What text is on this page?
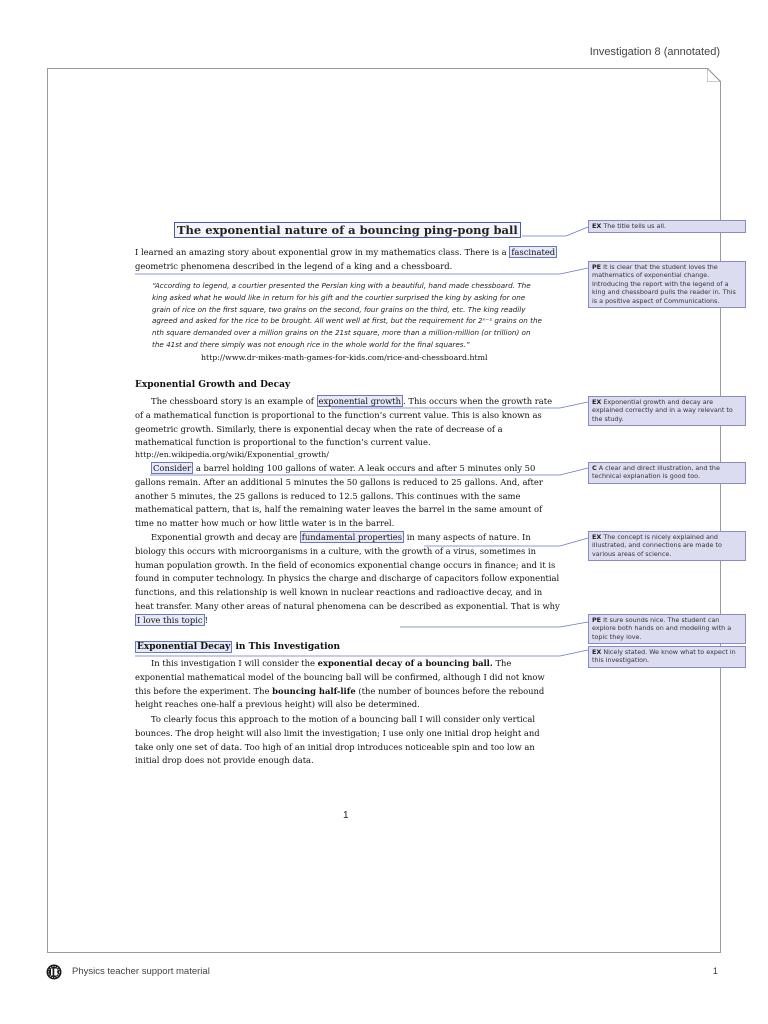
Investigation 8 (annotated)
The exponential nature of a bouncing ping-pong ball

I learned an amazing story about exponential grow in my mathematics class. There is a fascinated geometric phenomena described in the legend of a king and a chessboard.

“According to legend, a courtier presented the Persian king with a beautiful, hand made chessboard. The king asked what he would like in return for his gift and the courtier surprised the king by asking for one grain of rice on the first square, two grains on the second, four grains on the third, etc. The king readily agreed and asked for the rice to be brought. All went well at first, but the requirement for 2ⁿ⁻¹ grains on the nth square demanded over a million grains on the 21st square, more than a million-million (or trillion) on the 41st and there simply was not enough rice in the whole world for the final squares.”

http://www.dr-mikes-math-games-for-kids.com/rice-and-chessboard.html
Exponential Growth and Decay

The chessboard story is an example of exponential growth . This occurs when the growth rate of a mathematical function is proportional to the function’s current value. This is also known as geometric growth. Similarly, there is exponential decay when the rate of decrease of a mathematical function is proportional to the function’s current value.

http://en.wikipedia.org/wiki/Exponential_growth/

Consider a barrel holding 100 gallons of water. A leak occurs and after 5 minutes only 50 gallons remain. After an additional 5 minutes the 50 gallons is reduced to 25 gallons. And, after another 5 minutes, the 25 gallons is reduced to 12.5 gallons. This continues with the same mathematical pattern, that is, half the remaining water leaves the barrel in the same amount of time no matter how much or how little water is in the barrel.

Exponential growth and decay are fundamental properties in many aspects of nature. In biology this occurs with microorganisms in a culture, with the growth of a virus, sometimes in human population growth. In the field of economics exponential change occurs in finance; and it is found in computer technology. In physics the charge and discharge of capacitors follow exponential functions, and this relationship is well known in nuclear reactions and radioactive decay, and in heat transfer. Many other areas of natural phenomena can be described as exponential. That is why I love this topic !

Exponential Decay in This Investigation

In this investigation I will consider the exponential decay of a bouncing ball. The exponential mathematical model of the bouncing ball will be confirmed, although I did not know this before the experiment. The bouncing half-life (the number of bounces before the rebound height reaches one-half a previous height) will also be determined.

To clearly focus this approach to the motion of a bouncing ball I will consider only vertical bounces. The drop height will also limit the investigation; I use only one initial drop height and take only one set of data. Too high of an initial drop introduces noticeable spin and too low an initial drop does not provide enough data.

1
EX The title tells us all.
PE It is clear that the student loves the mathematics of exponential change. Introducing the report with the legend of a king and chessboard pulls the reader in. This is a positive aspect of Communications.
EX Exponential growth and decay are explained correctly and in a way relevant to the study.
C A clear and direct illustration, and the technical explanation is good too.
EX The concept is nicely explained and illustrated, and connections are made to various areas of science.
PE It sure sounds nice. The student can explore both hands on and modeling with a topic they love.
EX Nicely stated. We know what to expect in this investigation.
Physics teacher support material	1
